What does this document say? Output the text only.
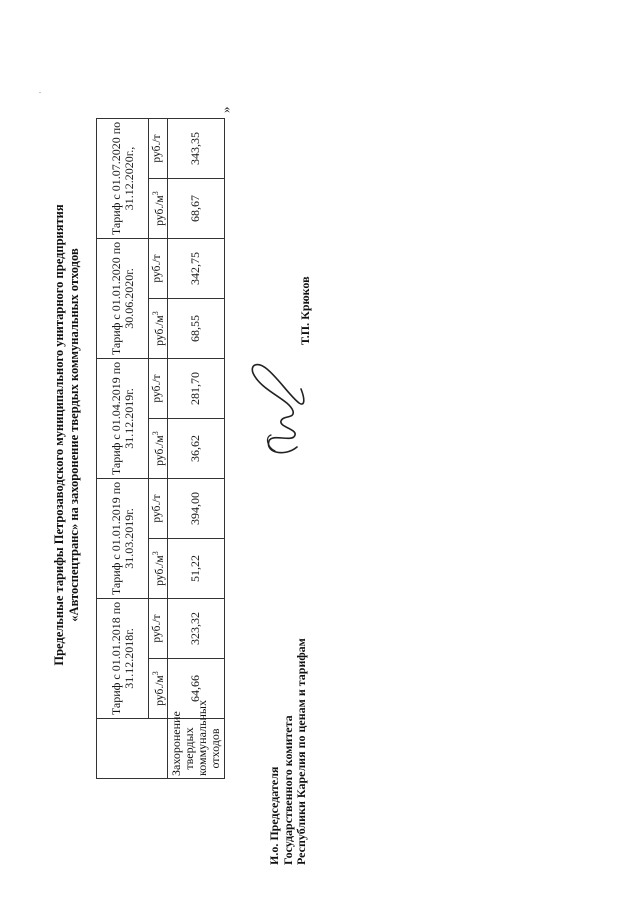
·
Предельные тарифы Петрозаводского муниципального унитарного предприятия «Автоспецтранс» на захоронение твердых коммунальных отходов
	Тариф с 01.01.2018 по 31.12.2018г.		Тариф с 01.01.2019 по 31.03.2019г.		Тариф с 01.04.2019 по 31.12.2019г.		Тариф с 01.01.2020 по 30.06.2020г.		Тариф с 01.07.2020 по 31.12.2020г.,	
	$руб./м^3$	руб./т	$руб./м^3$	руб./т	$руб./м^3$	руб./т	$руб./м^3$	руб./т	$руб./м^3$	руб./т
Захоронение твердых коммунальных отходов	64,66	323,32	51,22	394,00	36,62	281,70	68,55	342,75	68,67	343,35
»
И.о. Председателя Государственного комитета Республики Карелия по ценам и тарифам
Т.П. Крюков
